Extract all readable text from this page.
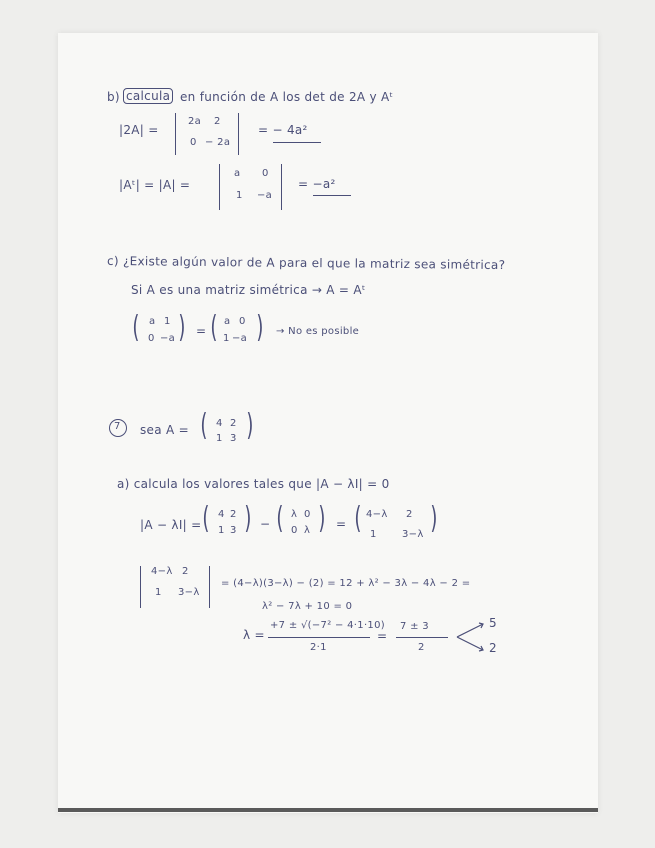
b) calcula en función de A los det de 2A y Aᵗ
|2A| =
2a 2
0 − 2a
= − 4a²
|Aᵗ| = |A| =
a 0
1 −a
= −a²
c) ¿Existe algún valor de A para el que la matriz sea simétrica?
Si A es una matriz simétrica → A = Aᵗ
( a 1
0 −a ) = ( a 0
1 −a ) → No es posible
7 sea A = ( 4 2
1 3 )
a) calcula los valores tales que |A − λI| = 0
|A − λI| = ( 4 2
1 3 ) − ( λ 0
0 λ ) = ( 4−λ 2
1	3−λ )
4−λ 2
1 3−λ
= (4−λ)(3−λ) − (2) = 12 + λ² − 3λ − 4λ − 2 =
λ² − 7λ + 10 = 0
λ =
+7 ± √(−7² − 4·1·10)
2·1
=
7 ± 3
2
5
2
